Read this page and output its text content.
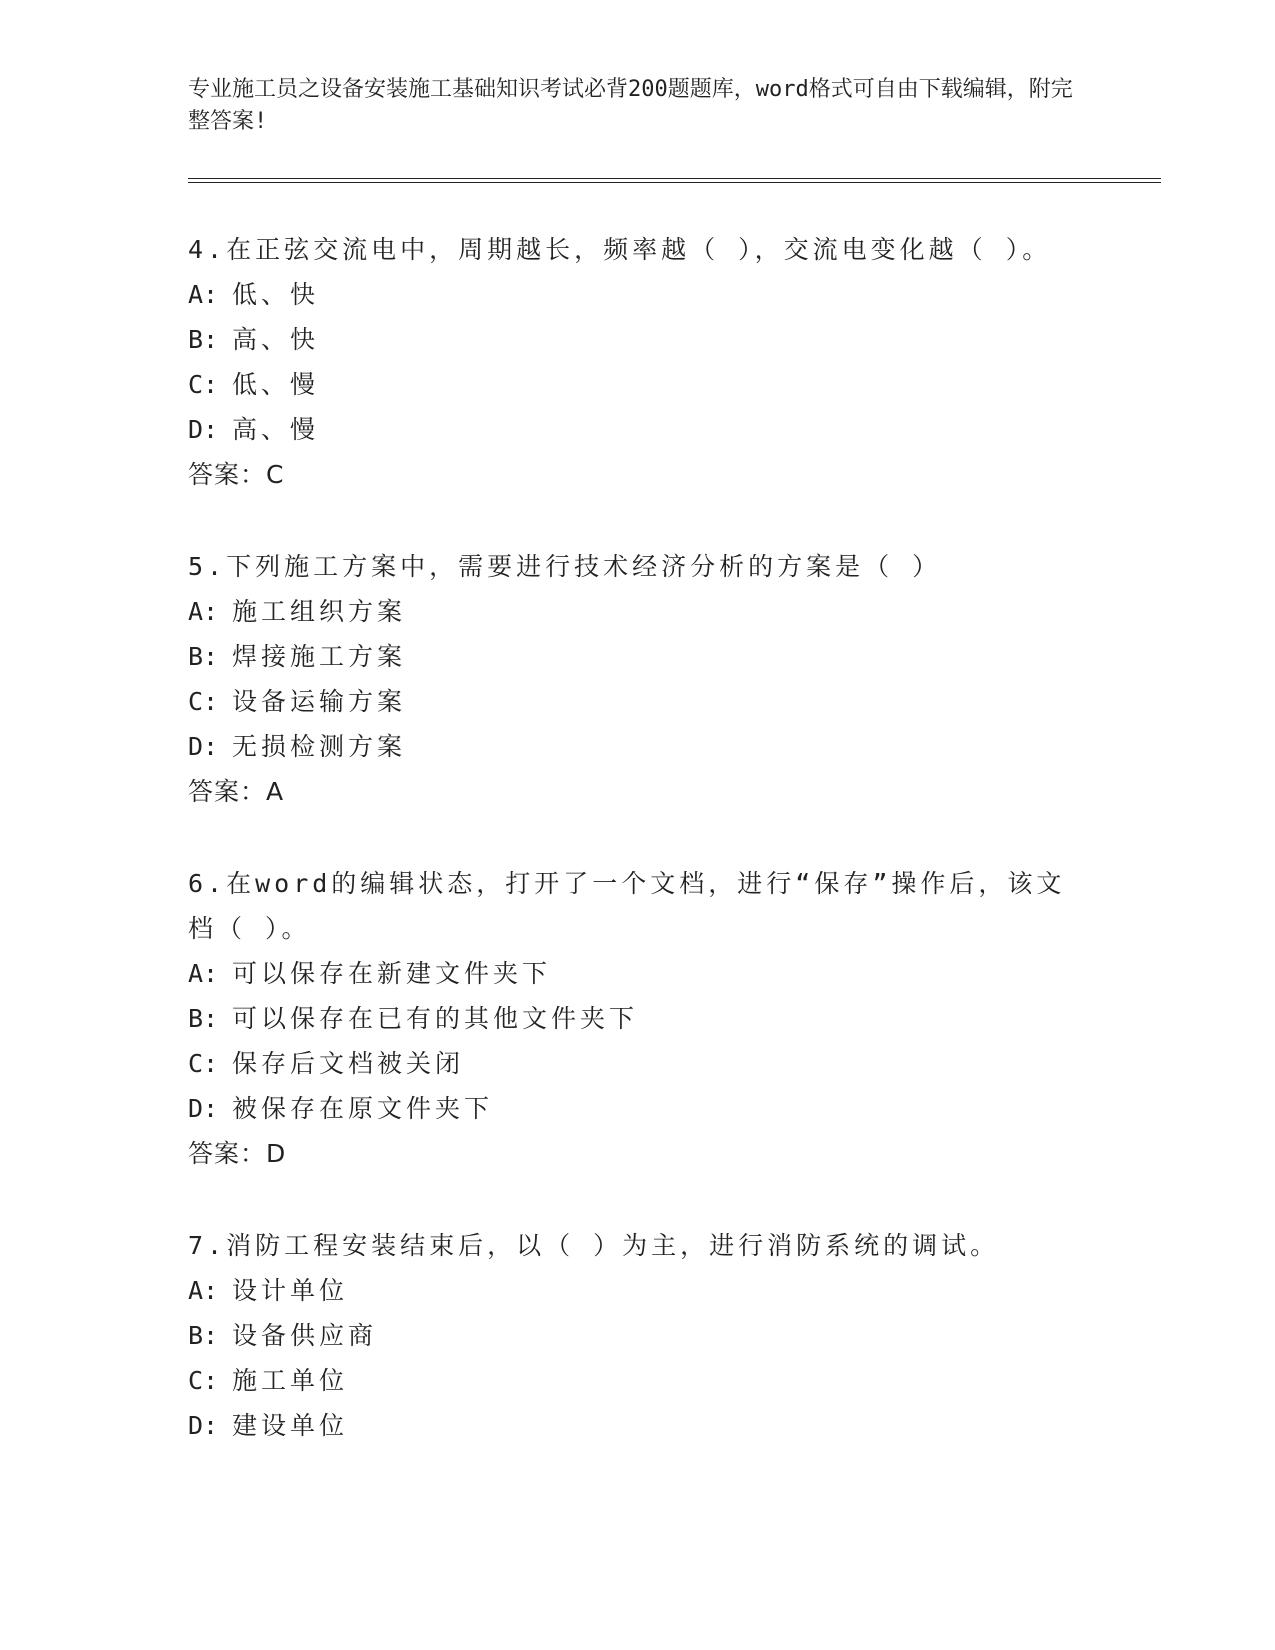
专业施工员之设备安装施工基础知识考试必背200题题库，word格式可自由下载编辑，附完整答案!
4.在正弦交流电中，周期越长，频率越（ ），交流电变化越（ ）。
A: 低、快
B: 高、快
C: 低、慢
D: 高、慢
答案：C
5.下列施工方案中，需要进行技术经济分析的方案是（ ）
A: 施工组织方案
B: 焊接施工方案
C: 设备运输方案
D: 无损检测方案
答案：A
6.在word的编辑状态，打开了一个文档，进行“保存”操作后，该文档（ ）。
A: 可以保存在新建文件夹下
B: 可以保存在已有的其他文件夹下
C: 保存后文档被关闭
D: 被保存在原文件夹下
答案：D
7.消防工程安装结束后，以（ ）为主，进行消防系统的调试。
A: 设计单位
B: 设备供应商
C: 施工单位
D: 建设单位
